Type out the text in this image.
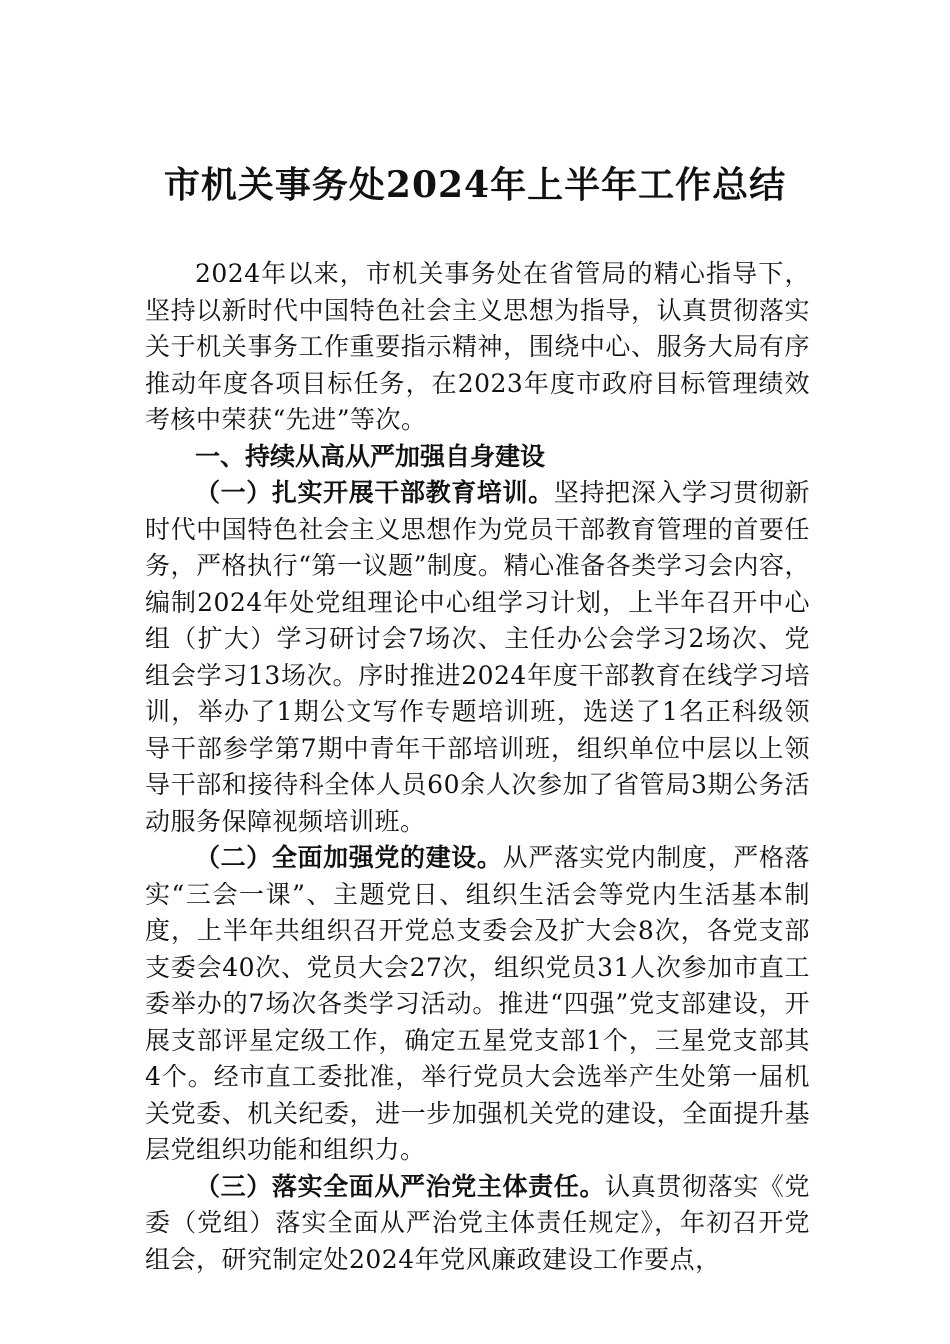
市机关事务处2024年上半年工作总结

2024年以来，市机关事务处在省管局的精心指导下，坚持以新时代中国特色社会主义思想为指导，认真贯彻落实关于机关事务工作重要指示精神，围绕中心、服务大局有序推动年度各项目标任务，在2023年度市政府目标管理绩效考核中荣获“先进”等次。

一、持续从高从严加强自身建设

（一）扎实开展干部教育培训。坚持把深入学习贯彻新时代中国特色社会主义思想作为党员干部教育管理的首要任务，严格执行“第一议题”制度。精心准备各类学习会内容，编制2024年处党组理论中心组学习计划，上半年召开中心组（扩大）学习研讨会7场次、主任办公会学习2场次、党组会学习13场次。序时推进2024年度干部教育在线学习培训，举办了1期公文写作专题培训班，选送了1名正科级领导干部参学第7期中青年干部培训班，组织单位中层以上领导干部和接待科全体人员60余人次参加了省管局3期公务活动服务保障视频培训班。

（二）全面加强党的建设。从严落实党内制度，严格落实“三会一课”、主题党日、组织生活会等党内生活基本制度，上半年共组织召开党总支委会及扩大会8次，各党支部支委会40次、党员大会27次，组织党员31人次参加市直工委举办的7场次各类学习活动。推进“四强”党支部建设，开展支部评星定级工作，确定五星党支部1个，三星党支部其4个。经市直工委批准，举行党员大会选举产生处第一届机关党委、机关纪委，进一步加强机关党的建设，全面提升基层党组织功能和组织力。

（三）落实全面从严治党主体责任。认真贯彻落实《党委（党组）落实全面从严治党主体责任规定》，年初召开党组会，研究制定处2024年党风廉政建设工作要点，
